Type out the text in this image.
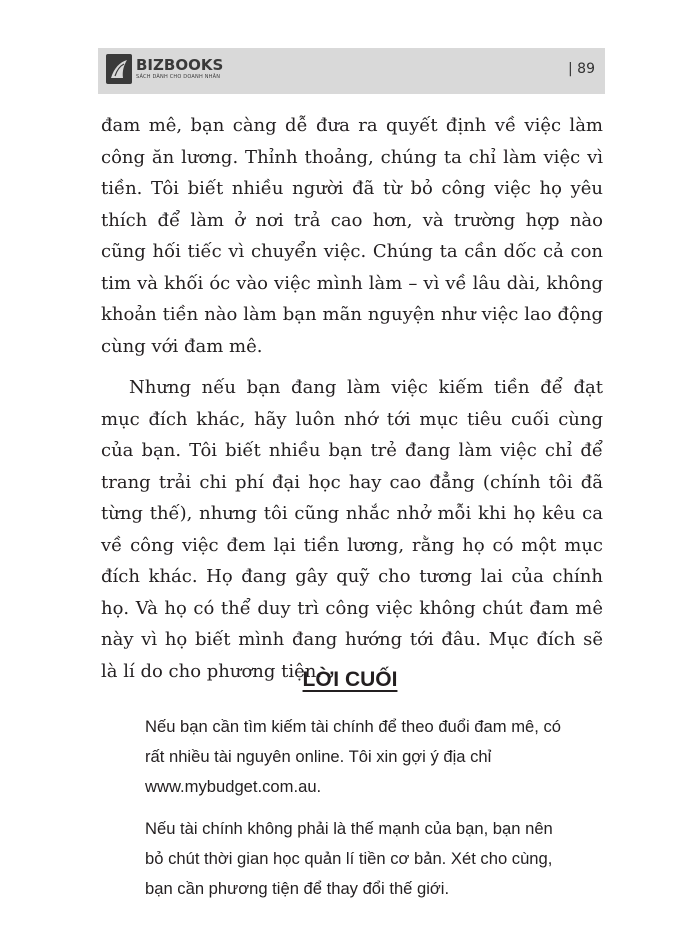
BIZBOOKS
SÁCH DÀNH CHO DOANH NHÂN	| 89

đam mê, bạn càng dễ đưa ra quyết định về việc làm công ăn lương. Thỉnh thoảng, chúng ta chỉ làm việc vì tiền. Tôi biết nhiều người đã từ bỏ công việc họ yêu thích để làm ở nơi trả cao hơn, và trường hợp nào cũng hối tiếc vì chuyển việc. Chúng ta cần dốc cả con tim và khối óc vào việc mình làm – vì về lâu dài, không khoản tiền nào làm bạn mãn nguyện như việc lao động cùng với đam mê.

Nhưng nếu bạn đang làm việc kiếm tiền để đạt mục đích khác, hãy luôn nhớ tới mục tiêu cuối cùng của bạn. Tôi biết nhiều bạn trẻ đang làm việc chỉ để trang trải chi phí đại học hay cao đẳng (chính tôi đã từng thế), nhưng tôi cũng nhắc nhở mỗi khi họ kêu ca về công việc đem lại tiền lương, rằng họ có một mục đích khác. Họ đang gây quỹ cho tương lai của chính họ. Và họ có thể duy trì công việc không chút đam mê này vì họ biết mình đang hướng tới đâu. Mục đích sẽ là lí do cho phương tiện.

LỜI CUỐI

Nếu bạn cần tìm kiếm tài chính để theo đuổi đam mê, có rất nhiều tài nguyên online. Tôi xin gợi ý địa chỉ www.mybudget.com.au.

Nếu tài chính không phải là thế mạnh của bạn, bạn nên bỏ chút thời gian học quản lí tiền cơ bản. Xét cho cùng, bạn cần phương tiện để thay đổi thế giới.
